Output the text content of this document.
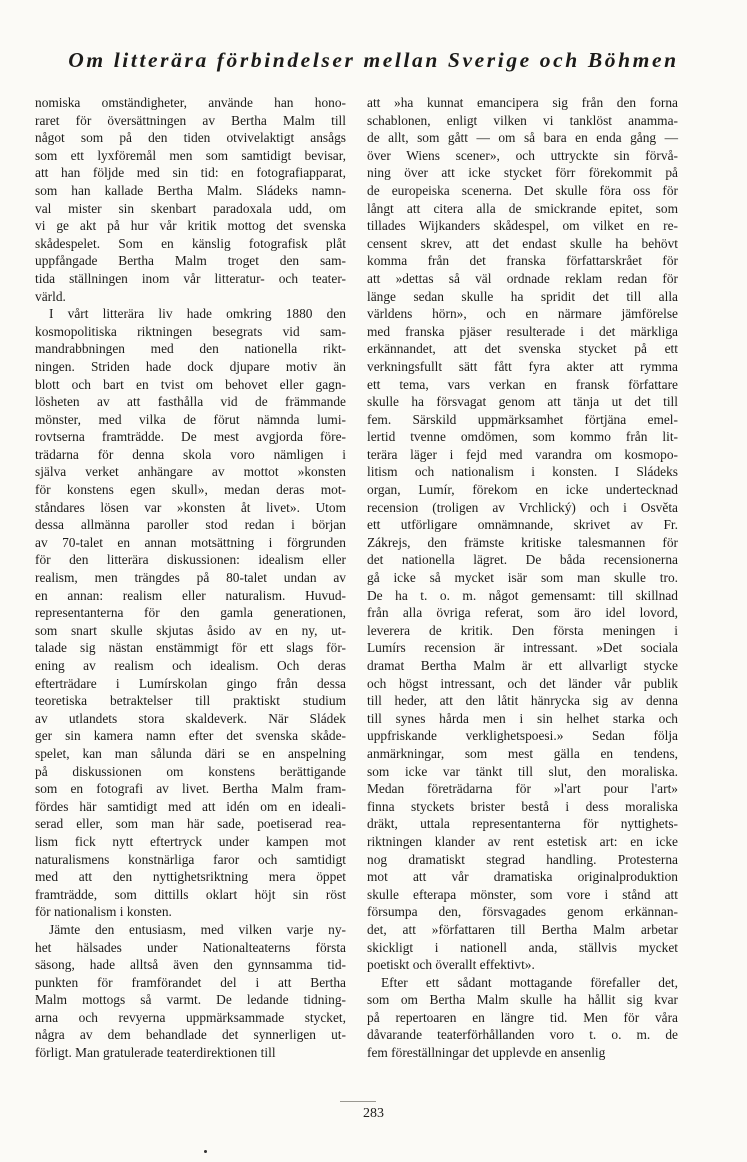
Om litterära förbindelser mellan Sverige och Böhmen
nomiska omständigheter, använde han hono-
raret för översättningen av Bertha Malm till
något som på den tiden otvivelaktigt ansågs
som ett lyxföremål men som samtidigt bevisar,
att han följde med sin tid: en fotografiapparat,
som han kallade Bertha Malm. Sládeks namn-
val mister sin skenbart paradoxala udd, om
vi ge akt på hur vår kritik mottog det svenska
skådespelet. Som en känslig fotografisk plåt
uppfångade Bertha Malm troget den sam-
tida ställningen inom vår litteratur- och teater-
värld.
I vårt litterära liv hade omkring 1880 den
kosmopolitiska riktningen besegrats vid sam-
mandrabbningen med den nationella rikt-
ningen. Striden hade dock djupare motiv än
blott och bart en tvist om behovet eller gagn-
lösheten av att fasthålla vid de främmande
mönster, med vilka de förut nämnda lumi-
rovtserna framträdde. De mest avgjorda före-
trädarna för denna skola voro nämligen i
själva verket anhängare av mottot »konsten
för konstens egen skull», medan deras mot-
ståndares lösen var »konsten åt livet». Utom
dessa allmänna paroller stod redan i början
av 70-talet en annan motsättning i förgrunden
för den litterära diskussionen: idealism eller
realism, men trängdes på 80-talet undan av
en annan: realism eller naturalism. Huvud-
representanterna för den gamla generationen,
som snart skulle skjutas åsido av en ny, ut-
talade sig nästan enstämmigt för ett slags för-
ening av realism och idealism. Och deras
efterträdare i Lumírskolan gingo från dessa
teoretiska betraktelser till praktiskt studium
av utlandets stora skaldeverk. När Sládek
ger sin kamera namn efter det svenska skåde-
spelet, kan man sålunda däri se en anspelning
på diskussionen om konstens berättigande
som en fotografi av livet. Bertha Malm fram-
fördes här samtidigt med att idén om en ideali-
serad eller, som man här sade, poetiserad rea-
lism fick nytt eftertryck under kampen mot
naturalismens konstnärliga faror och samtidigt
med att den nyttighetsriktning mera öppet
framträdde, som dittills oklart höjt sin röst
för nationalism i konsten.
Jämte den entusiasm, med vilken varje ny-
het hälsades under Nationalteaterns första
säsong, hade alltså även den gynnsamma tid-
punkten för framförandet del i att Bertha
Malm mottogs så varmt. De ledande tidning-
arna och revyerna uppmärksammade stycket,
några av dem behandlade det synnerligen ut-
förligt. Man gratulerade teaterdirektionen till
att »ha kunnat emancipera sig från den forna
schablonen, enligt vilken vi tanklöst anamma-
de allt, som gått — om så bara en enda gång —
över Wiens scener», och uttryckte sin förvå-
ning över att icke stycket förr förekommit på
de europeiska scenerna. Det skulle föra oss för
långt att citera alla de smickrande epitet, som
tillades Wijkanders skådespel, om vilket en re-
censent skrev, att det endast skulle ha behövt
komma från det franska författarskrået för
att »dettas så väl ordnade reklam redan för
länge sedan skulle ha spridit det till alla
världens hörn», och en närmare jämförelse
med franska pjäser resulterade i det märkliga
erkännandet, att det svenska stycket på ett
verkningsfullt sätt fått fyra akter att rymma
ett tema, vars verkan en fransk författare
skulle ha försvagat genom att tänja ut det till
fem. Särskild uppmärksamhet förtjäna emel-
lertid tvenne omdömen, som kommo från lit-
terära läger i fejd med varandra om kosmopo-
litism och nationalism i konsten. I Sládeks
organ, Lumír, förekom en icke undertecknad
recension (troligen av Vrchlický) och i Osvěta
ett utförligare omnämnande, skrivet av Fr.
Zákrejs, den främste kritiske talesmannen för
det nationella lägret. De båda recensionerna
gå icke så mycket isär som man skulle tro.
De ha t. o. m. något gemensamt: till skillnad
från alla övriga referat, som äro idel lovord,
leverera de kritik. Den första meningen i
Lumírs recension är intressant. »Det sociala
dramat Bertha Malm är ett allvarligt stycke
och högst intressant, och det länder vår publik
till heder, att den låtit hänrycka sig av denna
till synes hårda men i sin helhet starka och
uppfriskande verklighetspoesi.» Sedan följa
anmärkningar, som mest gälla en tendens,
som icke var tänkt till slut, den moraliska.
Medan företrädarna för »l'art pour l'art»
finna styckets brister bestå i dess moraliska
dräkt, uttala representanterna för nyttighets-
riktningen klander av rent estetisk art: en icke
nog dramatiskt stegrad handling. Protesterna
mot att vår dramatiska originalproduktion
skulle efterapa mönster, som vore i stånd att
försumpa den, försvagades genom erkännan-
det, att »författaren till Bertha Malm arbetar
skickligt i nationell anda, ställvis mycket
poetiskt och överallt effektivt».
Efter ett sådant mottagande förefaller det,
som om Bertha Malm skulle ha hållit sig kvar
på repertoaren en längre tid. Men för våra
dåvarande teaterförhållanden voro t. o. m. de
fem föreställningar det upplevde en ansenlig
283
